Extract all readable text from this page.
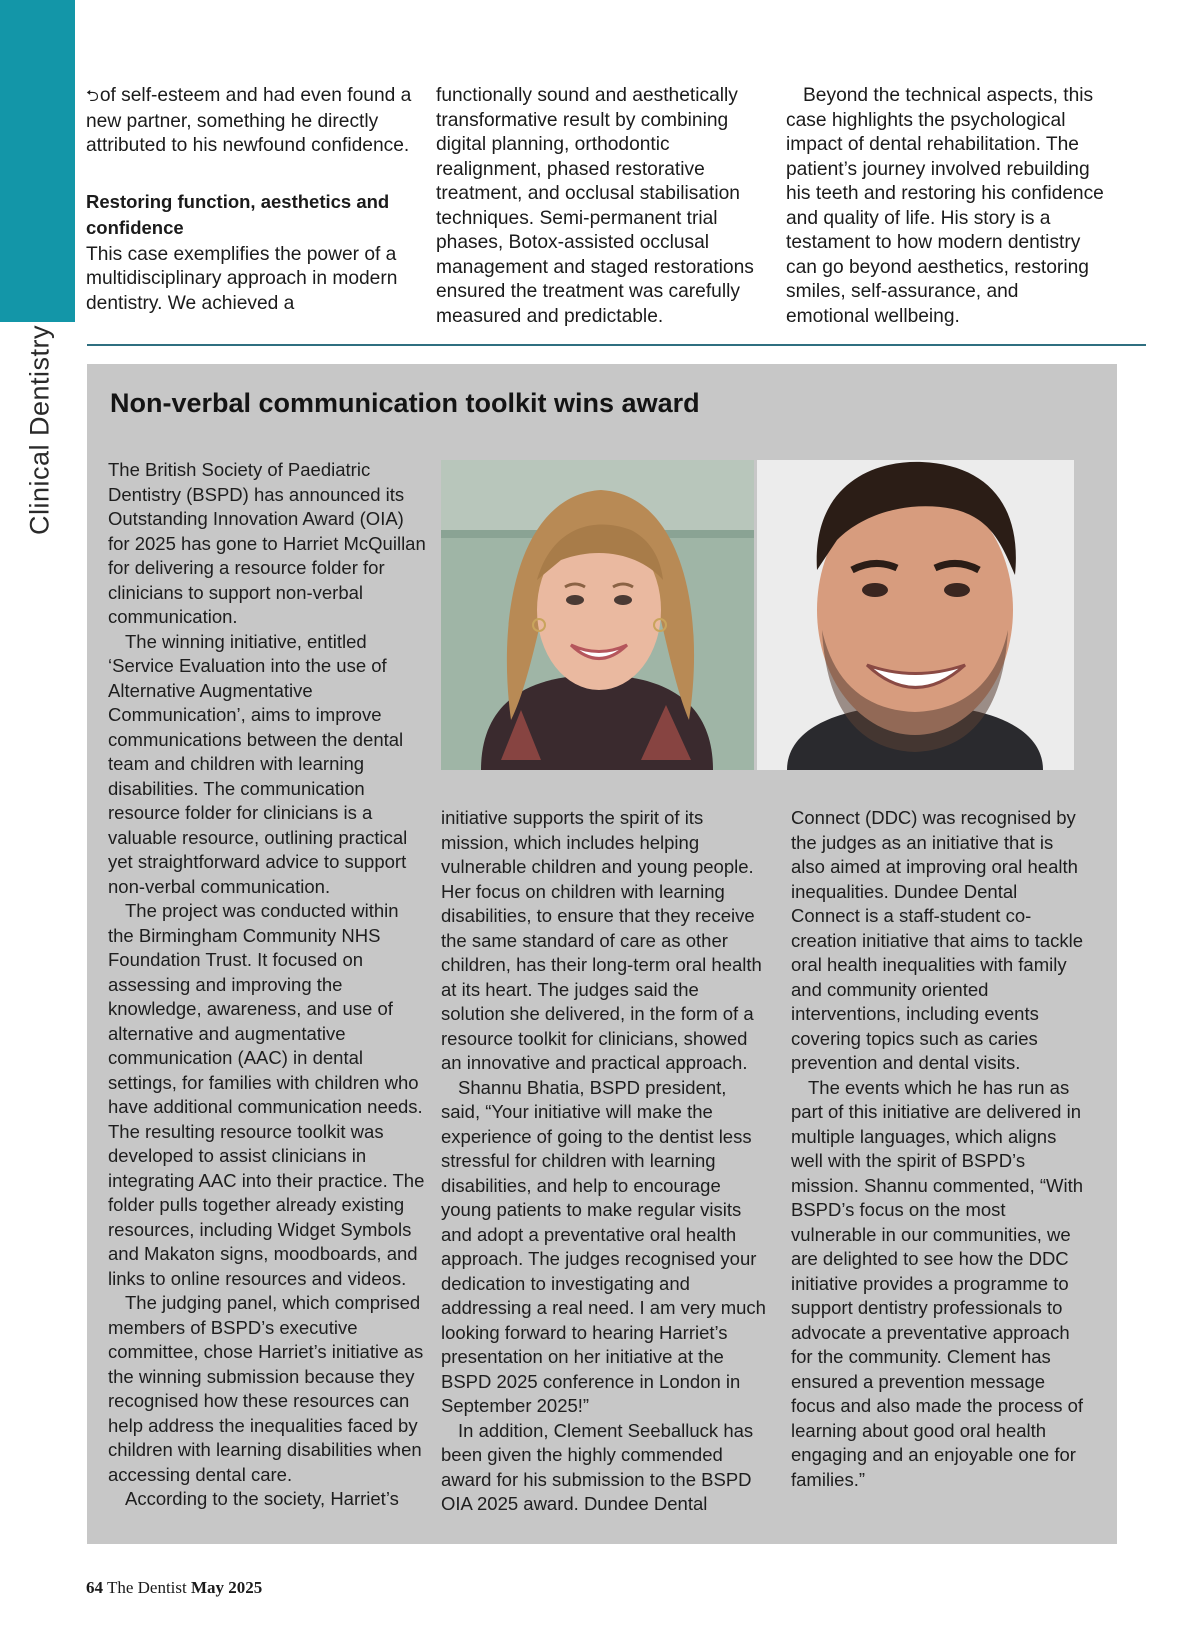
Clinical Dentistry

⮌of self-esteem and had even found a new partner, something he directly attributed to his newfound confidence.

Restoring function, aesthetics and confidence

This case exemplifies the power of a multidisciplinary approach in modern dentistry. We achieved a

functionally sound and aesthetically transformative result by combining digital planning, orthodontic realignment, phased restorative treatment, and occlusal stabilisation techniques. Semi-permanent trial phases, Botox-assisted occlusal management and staged restorations ensured the treatment was carefully measured and predictable.

Beyond the technical aspects, this case highlights the psychological impact of dental rehabilitation. The patient’s journey involved rebuilding his teeth and restoring his confidence and quality of life. His story is a testament to how modern dentistry can go beyond aesthetics, restoring smiles, self-assurance, and emotional wellbeing.

Non-verbal communication toolkit wins award

The British Society of Paediatric Dentistry (BSPD) has announced its Outstanding Innovation Award (OIA) for 2025 has gone to Harriet McQuillan for delivering a resource folder for clinicians to support non-verbal communication.

The winning initiative, entitled ‘Service Evaluation into the use of Alternative Augmentative Communication’, aims to improve communications between the dental team and children with learning disabilities. The communication resource folder for clinicians is a valuable resource, outlining practical yet straightforward advice to support non-verbal communication.

The project was conducted within the Birmingham Community NHS Foundation Trust. It focused on assessing and improving the knowledge, awareness, and use of alternative and augmentative communication (AAC) in dental settings, for families with children who have additional communication needs. The resulting resource toolkit was developed to assist clinicians in integrating AAC into their practice. The folder pulls together already existing resources, including Widget Symbols and Makaton signs, moodboards, and links to online resources and videos.

The judging panel, which comprised members of BSPD’s executive committee, chose Harriet’s initiative as the winning submission because they recognised how these resources can help address the inequalities faced by children with learning disabilities when accessing dental care.

According to the society, Harriet’s

initiative supports the spirit of its mission, which includes helping vulnerable children and young people. Her focus on children with learning disabilities, to ensure that they receive the same standard of care as other children, has their long-term oral health at its heart. The judges said the solution she delivered, in the form of a resource toolkit for clinicians, showed an innovative and practical approach.

Shannu Bhatia, BSPD president, said, “Your initiative will make the experience of going to the dentist less stressful for children with learning disabilities, and help to encourage young patients to make regular visits and adopt a preventative oral health approach. The judges recognised your dedication to investigating and addressing a real need. I am very much looking forward to hearing Harriet’s presentation on her initiative at the BSPD 2025 conference in London in September 2025!”

In addition, Clement Seeballuck has been given the highly commended award for his submission to the BSPD OIA 2025 award. Dundee Dental

Connect (DDC) was recognised by the judges as an initiative that is also aimed at improving oral health inequalities. Dundee Dental Connect is a staff-student co-creation initiative that aims to tackle oral health inequalities with family and community oriented interventions, including events covering topics such as caries prevention and dental visits.

The events which he has run as part of this initiative are delivered in multiple languages, which aligns well with the spirit of BSPD’s mission. Shannu commented, “With BSPD’s focus on the most vulnerable in our communities, we are delighted to see how the DDC initiative provides a programme to support dentistry professionals to advocate a preventative approach for the community. Clement has ensured a prevention message focus and also made the process of learning about good oral health engaging and an enjoyable one for families.”

64 The Dentist May 2025
